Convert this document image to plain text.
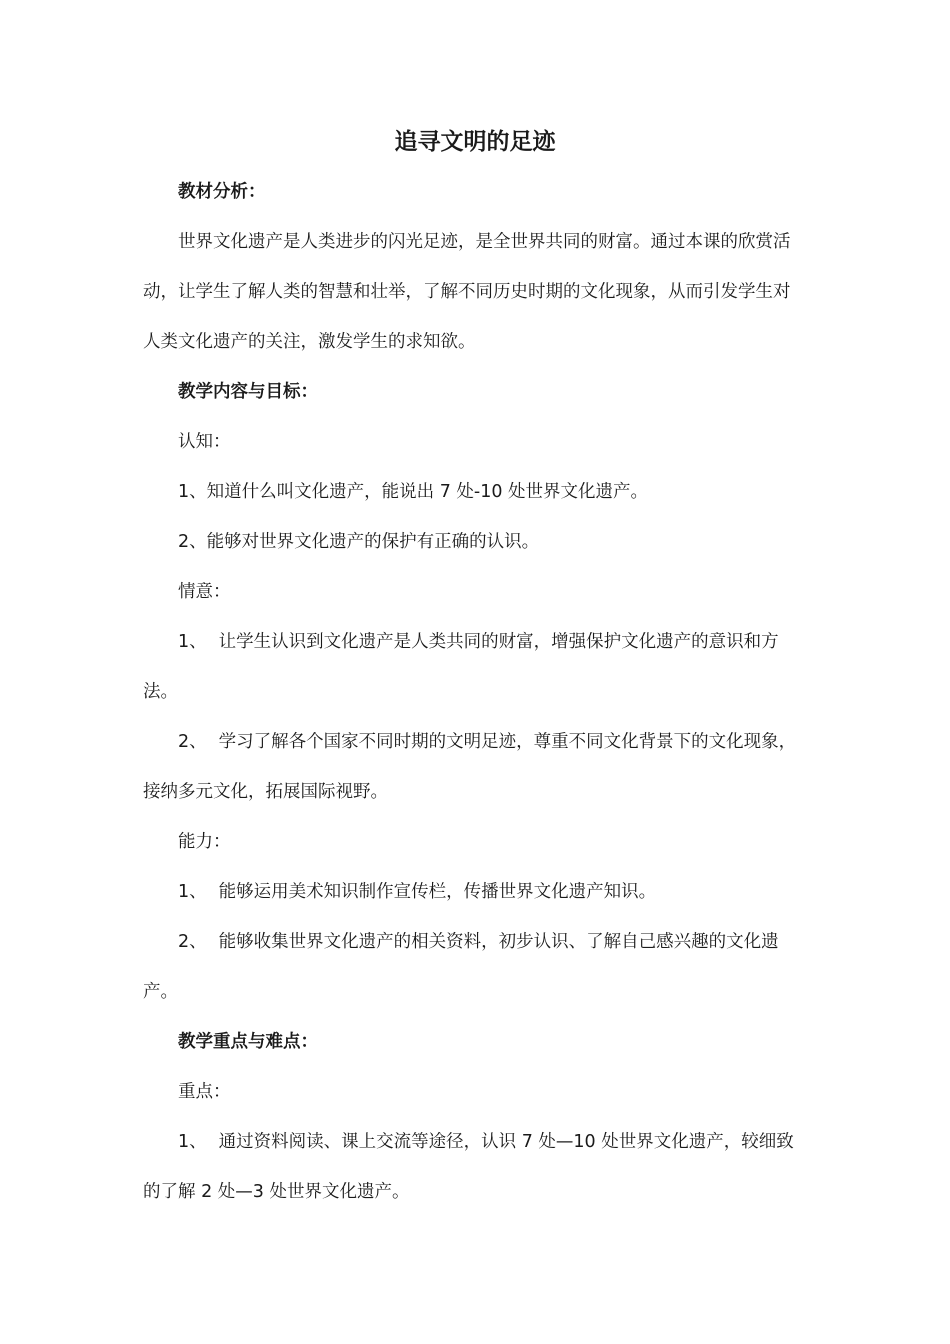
追寻文明的足迹

教材分析：

世界文化遗产是人类进步的闪光足迹，是全世界共同的财富。通过本课的欣赏活动，让学生了解人类的智慧和壮举，了解不同历史时期的文化现象，从而引发学生对人类文化遗产的关注，激发学生的求知欲。

教学内容与目标：

认知：

1、知道什么叫文化遗产，能说出 7 处-10 处世界文化遗产。

2、能够对世界文化遗产的保护有正确的认识。

情意：

1、 让学生认识到文化遗产是人类共同的财富，增强保护文化遗产的意识和方法。

2、 学习了解各个国家不同时期的文明足迹，尊重不同文化背景下的文化现象，接纳多元文化，拓展国际视野。

能力：

1、 能够运用美术知识制作宣传栏，传播世界文化遗产知识。

2、 能够收集世界文化遗产的相关资料，初步认识、了解自己感兴趣的文化遗产。

教学重点与难点：

重点：

1、 通过资料阅读、课上交流等途径，认识 7 处—10 处世界文化遗产，较细致的了解 2 处—3 处世界文化遗产。
